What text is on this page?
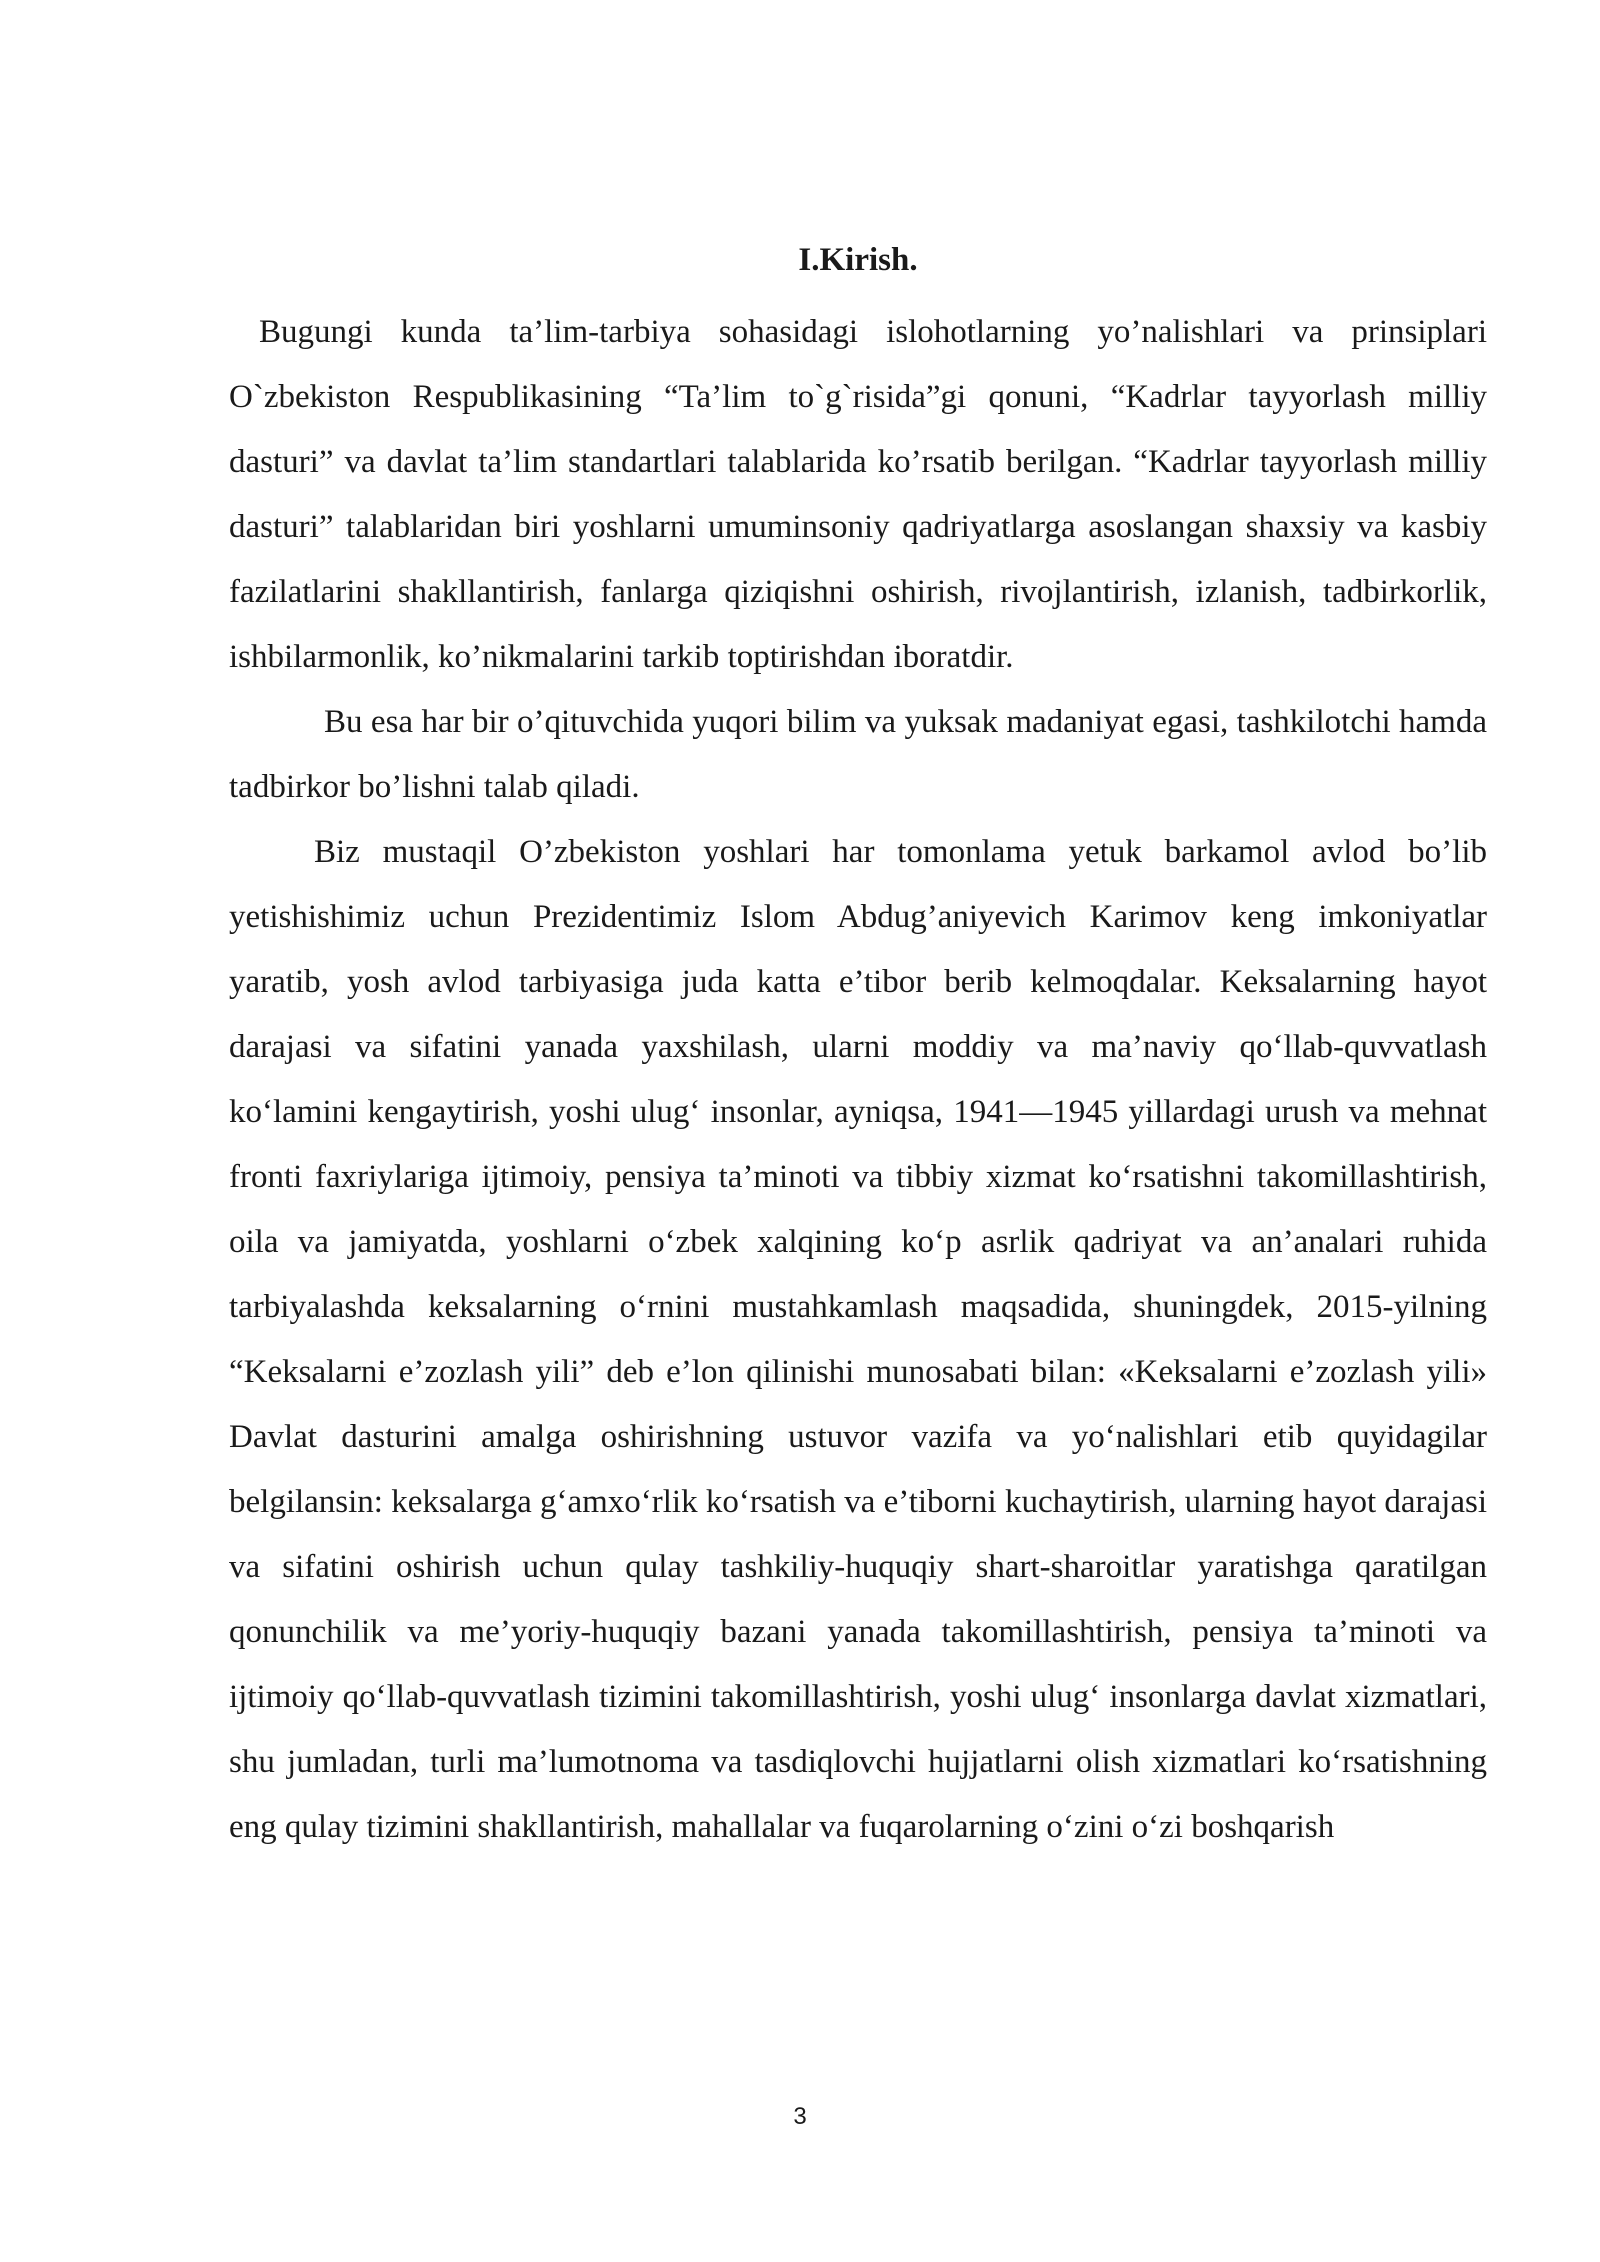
I.Kirish.

Bugungi kunda ta’lim-tarbiya sohasidagi islohotlarning yo’nalishlari va prinsiplari O`zbekiston Respublikasining “Ta’lim to`g`risida”gi qonuni, “Kadrlar tayyorlash milliy dasturi” va davlat ta’lim standartlari talablarida ko’rsatib berilgan. “Kadrlar tayyorlash milliy dasturi” talablaridan biri yoshlarni umuminsoniy qadriyatlarga asoslangan shaxsiy va kasbiy fazilatlarini shakllantirish, fanlarga qiziqishni oshirish, rivojlantirish, izlanish, tadbirkorlik, ishbilarmonlik, ko’nikmalarini tarkib toptirishdan iboratdir.

Bu esa har bir o’qituvchida yuqori bilim va yuksak madaniyat egasi, tashkilotchi hamda tadbirkor bo’lishni talab qiladi.

Biz mustaqil O’zbekiston yoshlari har tomonlama yetuk barkamol avlod bo’lib yetishishimiz uchun Prezidentimiz Islom Abdug’aniyevich Karimov keng imkoniyatlar yaratib, yosh avlod tarbiyasiga juda katta e’tibor berib kelmoqdalar. Keksalarning hayot darajasi va sifatini yanada yaxshilash, ularni moddiy va ma’naviy qo‘llab-quvvatlash ko‘lamini kengaytirish, yoshi ulug‘ insonlar, ayniqsa, 1941—1945 yillardagi urush va mehnat fronti faxriylariga ijtimoiy, pensiya ta’minoti va tibbiy xizmat ko‘rsatishni takomillashtirish, oila va jamiyatda, yoshlarni o‘zbek xalqining ko‘p asrlik qadriyat va an’analari ruhida tarbiyalashda keksalarning o‘rnini mustahkamlash maqsadida, shuningdek, 2015-yilning “Keksalarni e’zozlash yili” deb e’lon qilinishi munosabati bilan: «Keksalarni e’zozlash yili» Davlat dasturini amalga oshirishning ustuvor vazifa va yo‘nalishlari etib quyidagilar belgilansin: keksalarga g‘amxo‘rlik ko‘rsatish va e’tiborni kuchaytirish, ularning hayot darajasi va sifatini oshirish uchun qulay tashkiliy-huquqiy shart-sharoitlar yaratishga qaratilgan qonunchilik va me’yoriy-huquqiy bazani yanada takomillashtirish, pensiya ta’minoti va ijtimoiy qo‘llab-quvvatlash tizimini takomillashtirish, yoshi ulug‘ insonlarga davlat xizmatlari, shu jumladan, turli ma’lumotnoma va tasdiqlovchi hujjatlarni olish xizmatlari ko‘rsatishning eng qulay tizimini shakllantirish, mahallalar va fuqarolarning o‘zini o‘zi boshqarish

3
